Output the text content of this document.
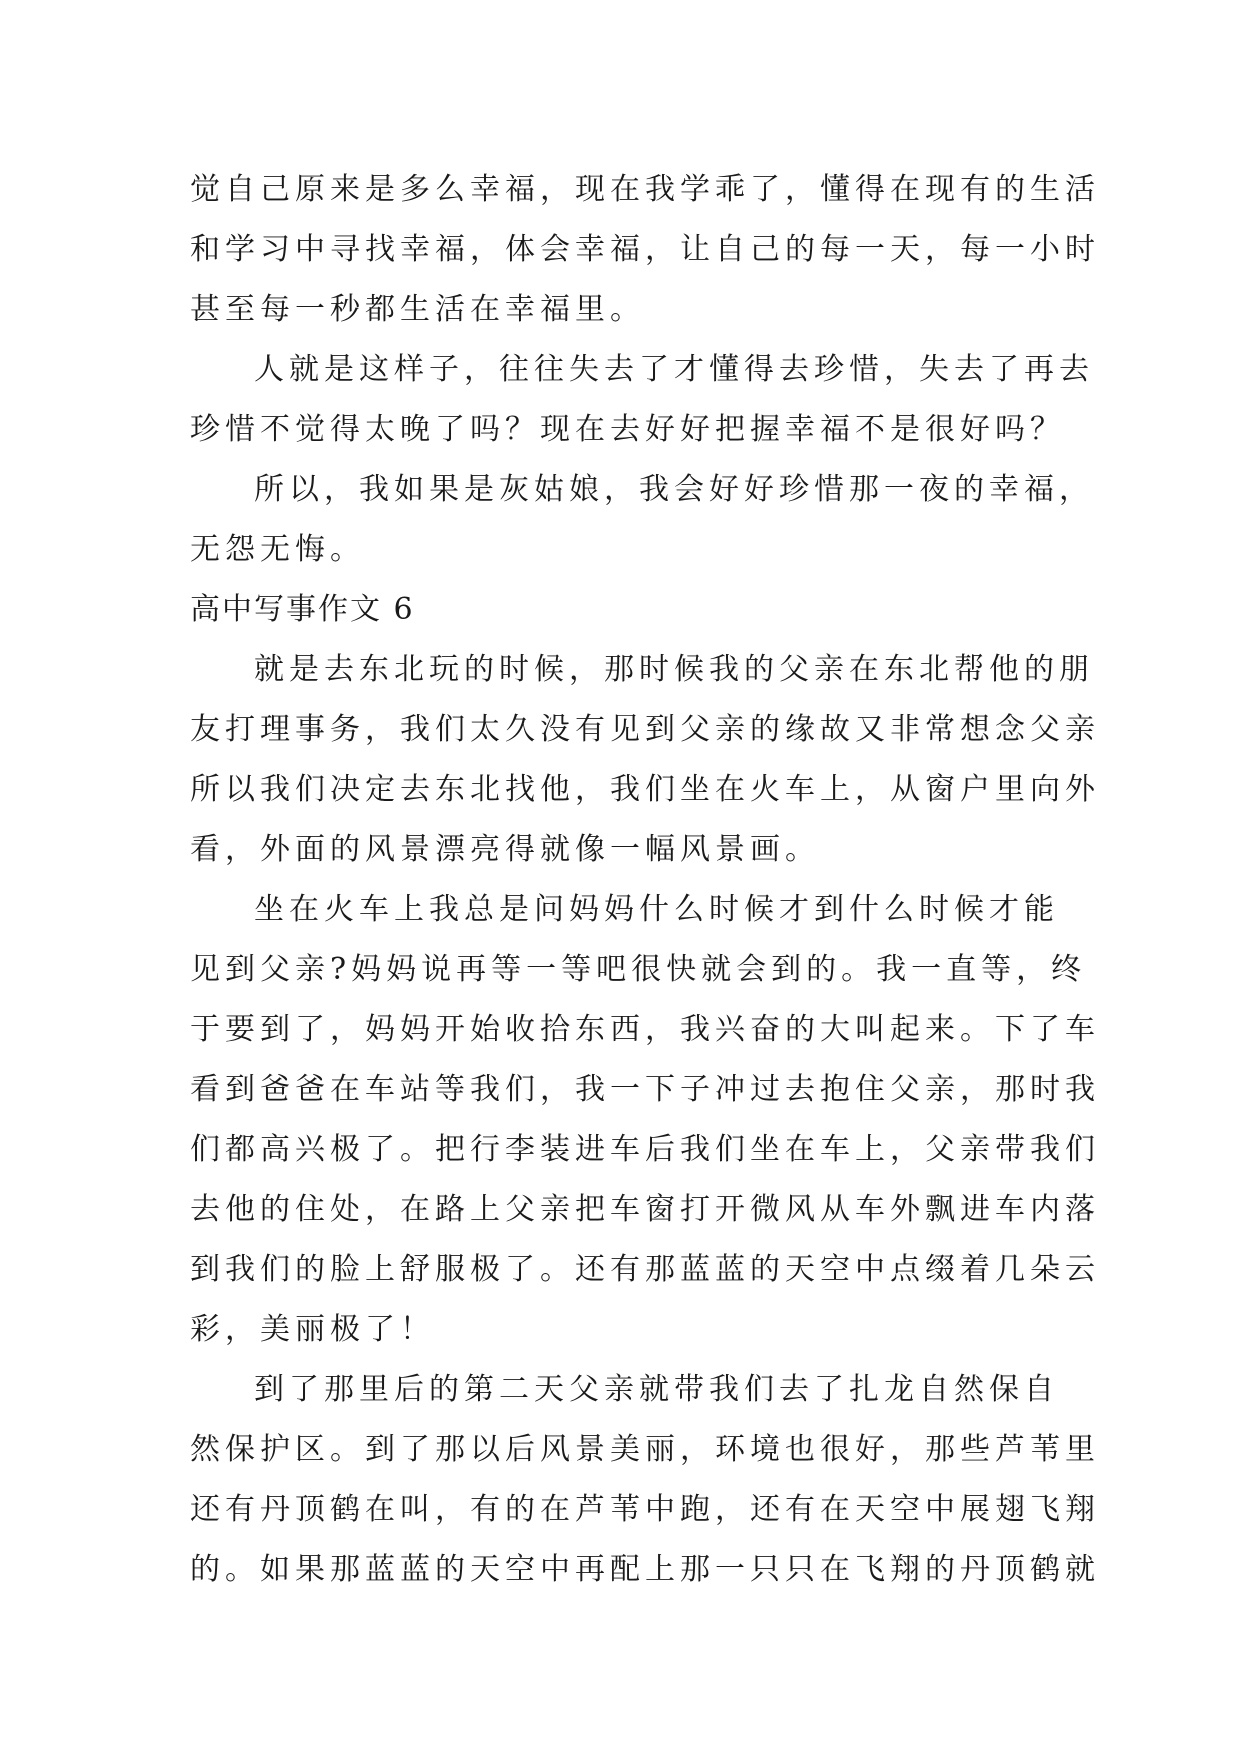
觉自己原来是多么幸福，现在我学乖了，懂得在现有的生活
和学习中寻找幸福，体会幸福，让自己的每一天，每一小时
甚至每一秒都生活在幸福里。
人就是这样子，往往失去了才懂得去珍惜，失去了再去
珍惜不觉得太晚了吗？现在去好好把握幸福不是很好吗？
所以，我如果是灰姑娘，我会好好珍惜那一夜的幸福，
无怨无悔。
高中写事作文 6
就是去东北玩的时候，那时候我的父亲在东北帮他的朋
友打理事务，我们太久没有见到父亲的缘故又非常想念父亲
所以我们决定去东北找他，我们坐在火车上，从窗户里向外
看，外面的风景漂亮得就像一幅风景画。
坐在火车上我总是问妈妈什么时候才到什么时候才能
见到父亲?妈妈说再等一等吧很快就会到的。我一直等，终
于要到了，妈妈开始收拾东西，我兴奋的大叫起来。下了车
看到爸爸在车站等我们，我一下子冲过去抱住父亲，那时我
们都高兴极了。把行李装进车后我们坐在车上，父亲带我们
去他的住处，在路上父亲把车窗打开微风从车外飘进车内落
到我们的脸上舒服极了。还有那蓝蓝的天空中点缀着几朵云
彩，美丽极了！
到了那里后的第二天父亲就带我们去了扎龙自然保自
然保护区。到了那以后风景美丽，环境也很好，那些芦苇里
还有丹顶鹤在叫，有的在芦苇中跑，还有在天空中展翅飞翔
的。如果那蓝蓝的天空中再配上那一只只在飞翔的丹顶鹤就
